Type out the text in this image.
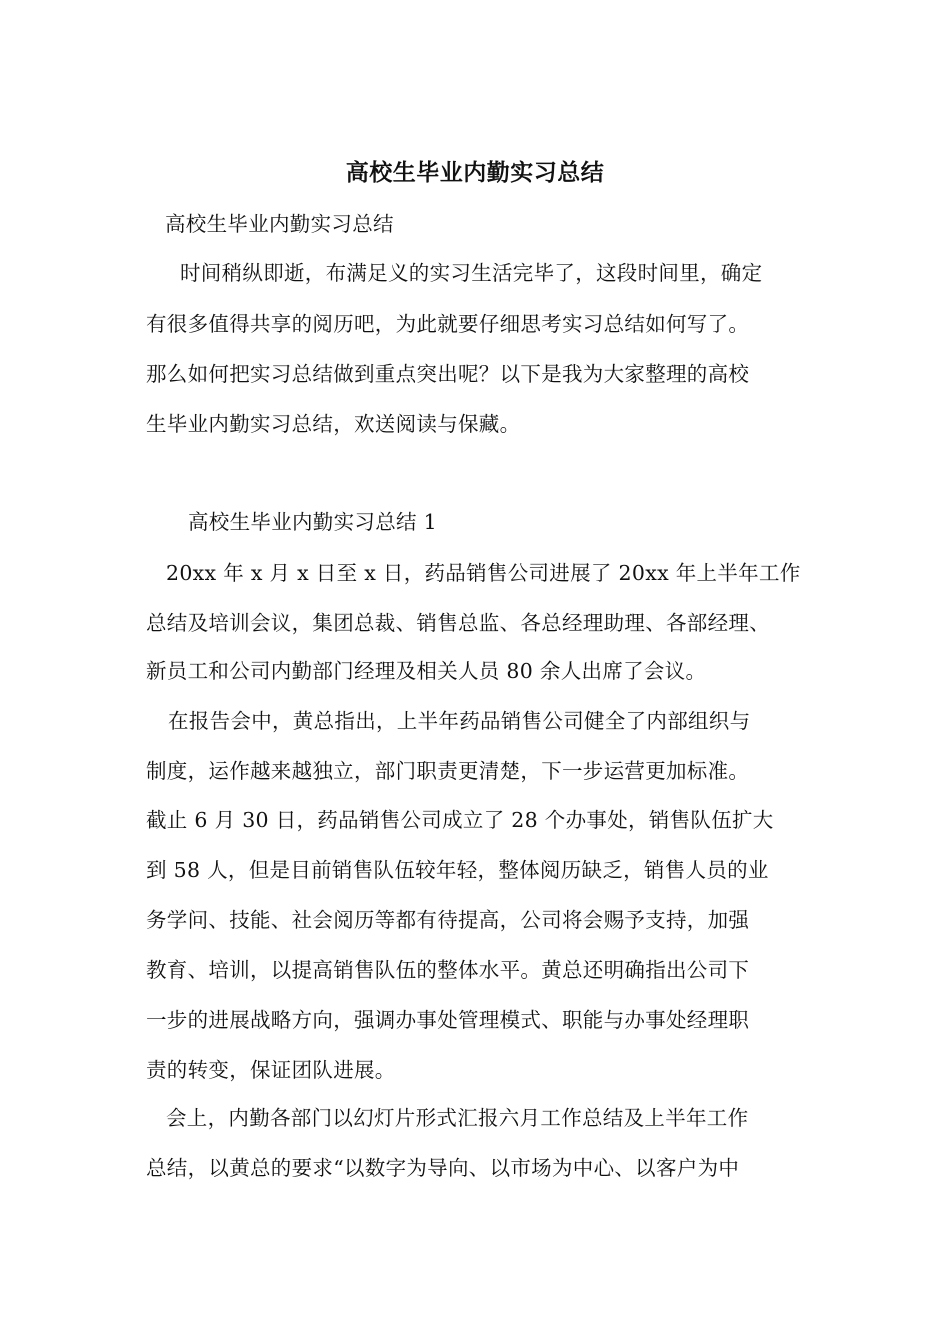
高校生毕业内勤实习总结
高校生毕业内勤实习总结
时间稍纵即逝，布满足义的实习生活完毕了，这段时间里，确定
有很多值得共享的阅历吧，为此就要仔细思考实习总结如何写了。
那么如何把实习总结做到重点突出呢？以下是我为大家整理的高校
生毕业内勤实习总结，欢送阅读与保藏。
高校生毕业内勤实习总结 1
20xx 年 x 月 x 日至 x 日，药品销售公司进展了 20xx 年上半年工作
总结及培训会议，集团总裁、销售总监、各总经理助理、各部经理、
新员工和公司内勤部门经理及相关人员 80 余人出席了会议。
在报告会中，黄总指出，上半年药品销售公司健全了内部组织与
制度，运作越来越独立，部门职责更清楚，下一步运营更加标准。
截止 6 月 30 日，药品销售公司成立了 28 个办事处，销售队伍扩大
到 58 人，但是目前销售队伍较年轻，整体阅历缺乏，销售人员的业
务学问、技能、社会阅历等都有待提高，公司将会赐予支持，加强
教育、培训，以提高销售队伍的整体水平。黄总还明确指出公司下
一步的进展战略方向，强调办事处管理模式、职能与办事处经理职
责的转变，保证团队进展。
会上，内勤各部门以幻灯片形式汇报六月工作总结及上半年工作
总结，以黄总的要求“以数字为导向、以市场为中心、以客户为中
